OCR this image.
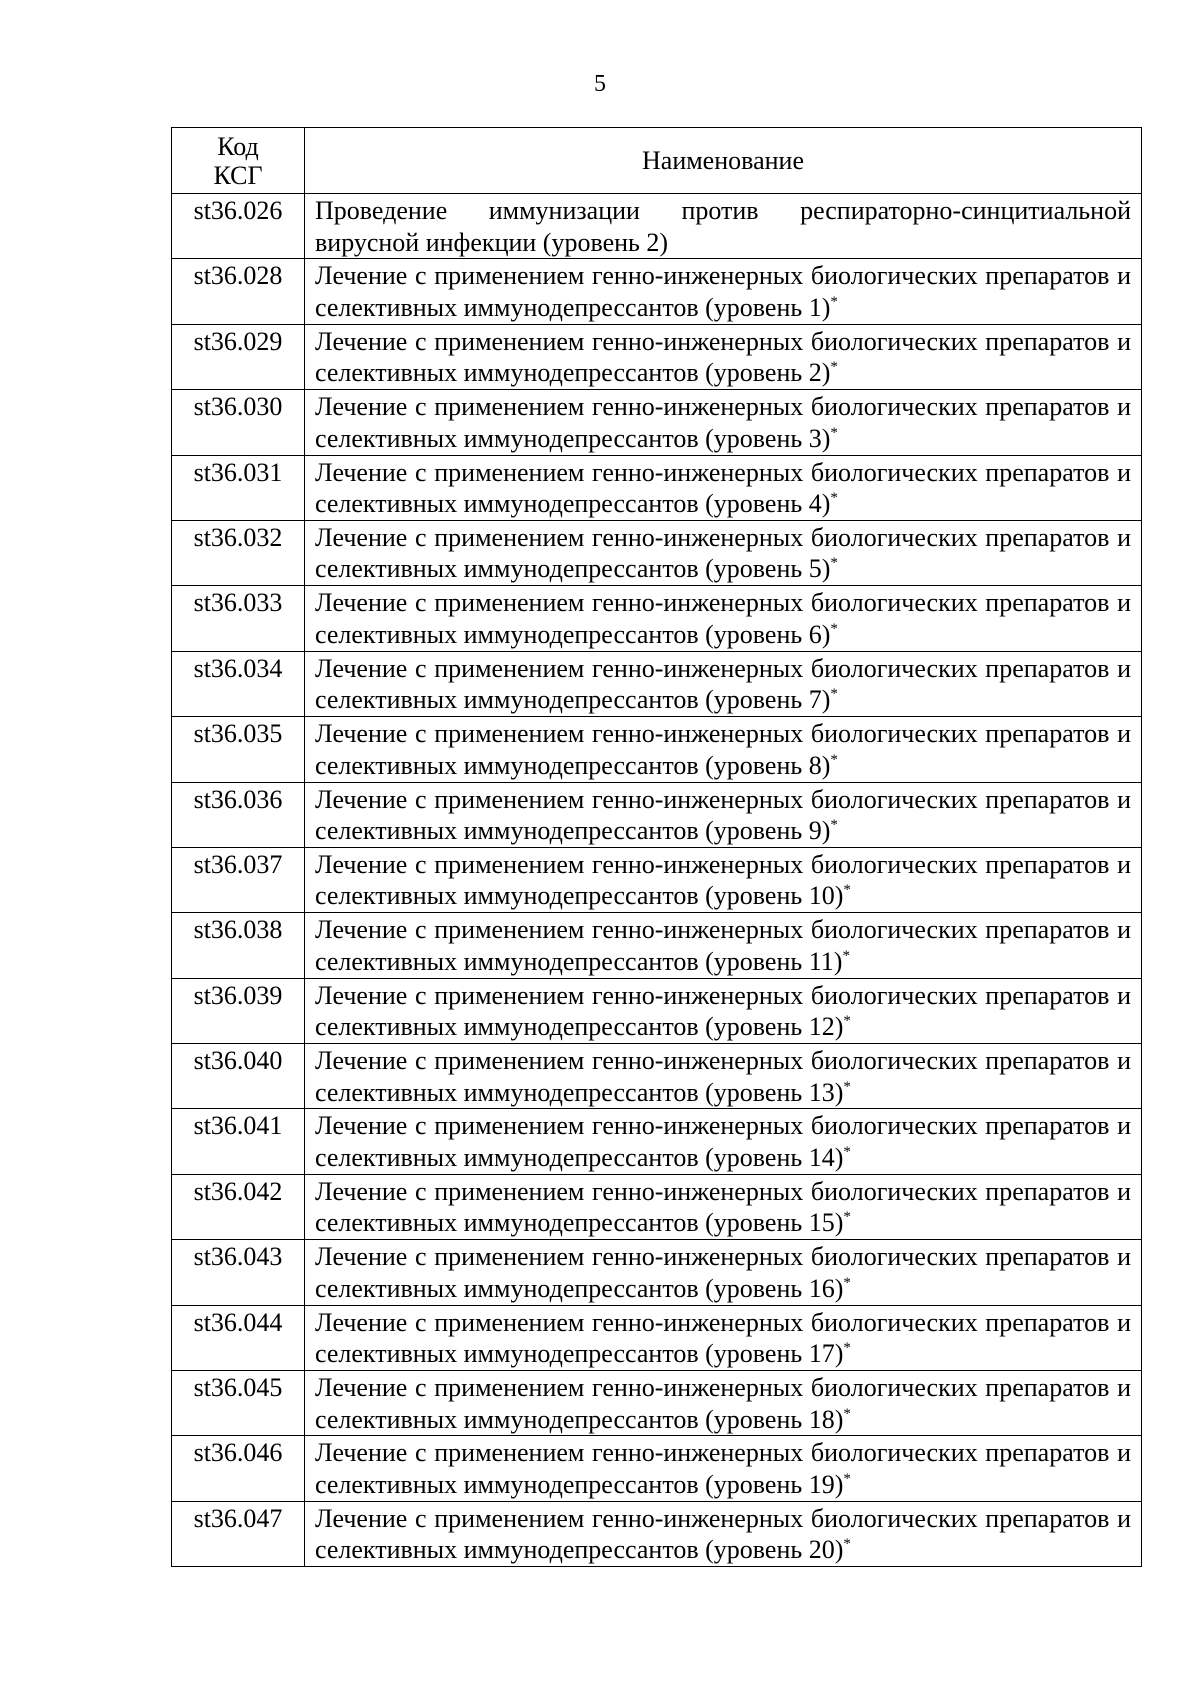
5
Код
КСГ	Наименование
st36.026	Проведение иммунизации против респираторно-синцитиальной вирусной инфекции (уровень 2)
st36.028	Лечение с применением генно-инженерных биологических препаратов и селективных иммунодепрессантов (уровень 1)*
st36.029	Лечение с применением генно-инженерных биологических препаратов и селективных иммунодепрессантов (уровень 2)*
st36.030	Лечение с применением генно-инженерных биологических препаратов и селективных иммунодепрессантов (уровень 3)*
st36.031	Лечение с применением генно-инженерных биологических препаратов и селективных иммунодепрессантов (уровень 4)*
st36.032	Лечение с применением генно-инженерных биологических препаратов и селективных иммунодепрессантов (уровень 5)*
st36.033	Лечение с применением генно-инженерных биологических препаратов и селективных иммунодепрессантов (уровень 6)*
st36.034	Лечение с применением генно-инженерных биологических препаратов и селективных иммунодепрессантов (уровень 7)*
st36.035	Лечение с применением генно-инженерных биологических препаратов и селективных иммунодепрессантов (уровень 8)*
st36.036	Лечение с применением генно-инженерных биологических препаратов и селективных иммунодепрессантов (уровень 9)*
st36.037	Лечение с применением генно-инженерных биологических препаратов и селективных иммунодепрессантов (уровень 10)*
st36.038	Лечение с применением генно-инженерных биологических препаратов и селективных иммунодепрессантов (уровень 11)*
st36.039	Лечение с применением генно-инженерных биологических препаратов и селективных иммунодепрессантов (уровень 12)*
st36.040	Лечение с применением генно-инженерных биологических препаратов и селективных иммунодепрессантов (уровень 13)*
st36.041	Лечение с применением генно-инженерных биологических препаратов и селективных иммунодепрессантов (уровень 14)*
st36.042	Лечение с применением генно-инженерных биологических препаратов и селективных иммунодепрессантов (уровень 15)*
st36.043	Лечение с применением генно-инженерных биологических препаратов и селективных иммунодепрессантов (уровень 16)*
st36.044	Лечение с применением генно-инженерных биологических препаратов и селективных иммунодепрессантов (уровень 17)*
st36.045	Лечение с применением генно-инженерных биологических препаратов и селективных иммунодепрессантов (уровень 18)*
st36.046	Лечение с применением генно-инженерных биологических препаратов и селективных иммунодепрессантов (уровень 19)*
st36.047	Лечение с применением генно-инженерных биологических препаратов и селективных иммунодепрессантов (уровень 20)*
